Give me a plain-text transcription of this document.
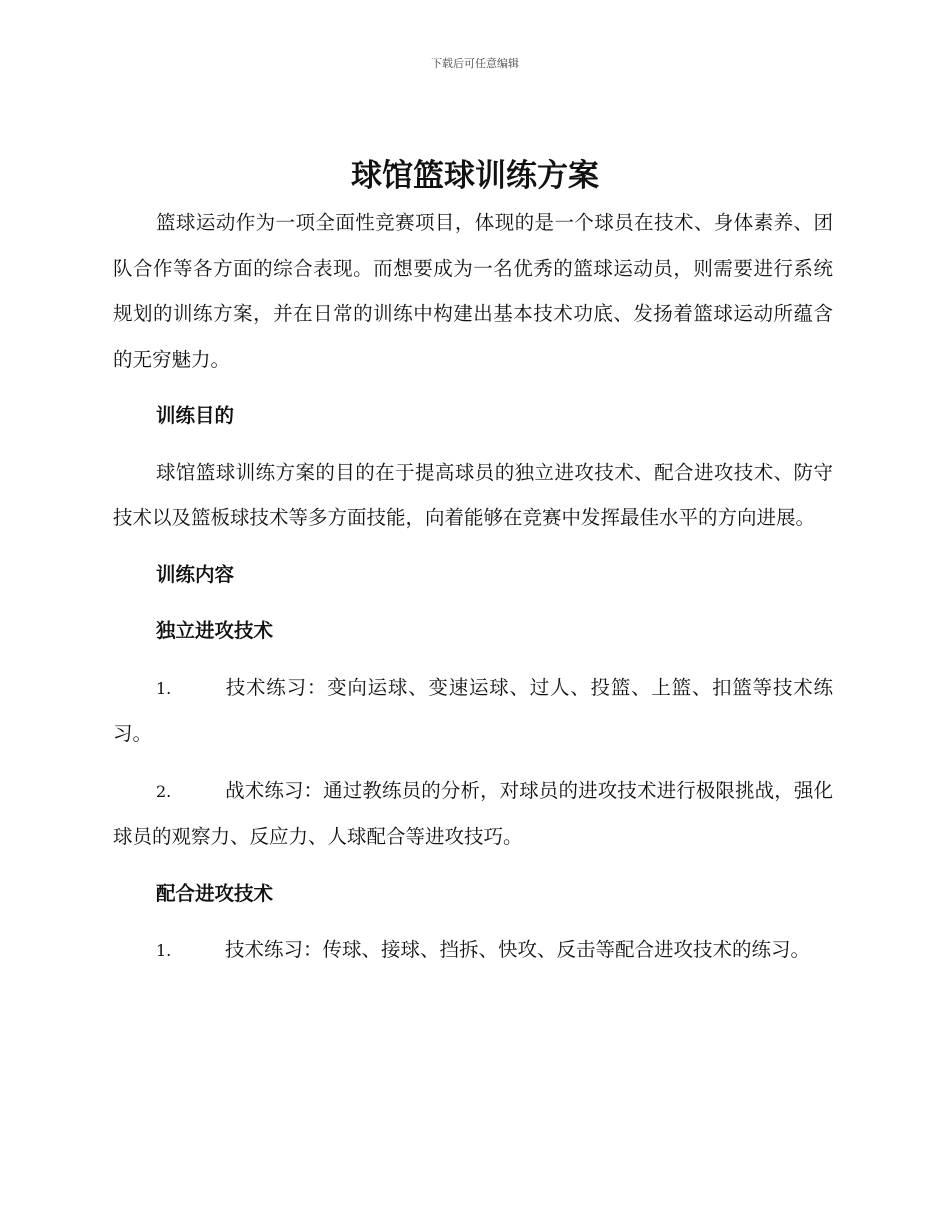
下载后可任意编辑
球馆篮球训练方案

篮球运动作为一项全面性竞赛项目，体现的是一个球员在技术、身体素养、团队合作等各方面的综合表现。而想要成为一名优秀的篮球运动员，则需要进行系统规划的训练方案，并在日常的训练中构建出基本技术功底、发扬着篮球运动所蕴含的无穷魅力。

训练目的

球馆篮球训练方案的目的在于提高球员的独立进攻技术、配合进攻技术、防守技术以及篮板球技术等多方面技能，向着能够在竞赛中发挥最佳水平的方向进展。

训练内容

独立进攻技术

1.	技术练习：变向运球、变速运球、过人、投篮、上篮、扣篮等技术练习。

2.	战术练习：通过教练员的分析，对球员的进攻技术进行极限挑战，强化球员的观察力、反应力、人球配合等进攻技巧。

配合进攻技术

1.	技术练习：传球、接球、挡拆、快攻、反击等配合进攻技术的练习。
